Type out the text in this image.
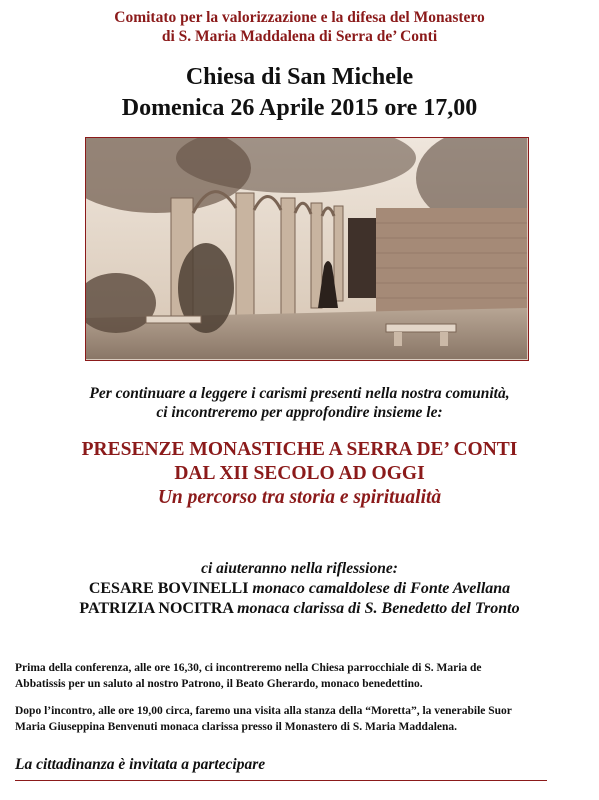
Comitato per la valorizzazione e la difesa del Monastero
di S. Maria Maddalena di Serra de’ Conti
Chiesa di San Michele
Domenica 26 Aprile 2015 ore 17,00
Per continuare a leggere i carismi presenti nella nostra comunità,
ci incontreremo per approfondire insieme le:
PRESENZE MONASTICHE A SERRA DE’ CONTI
DAL XII SECOLO AD OGGI
Un percorso tra storia e spiritualità
ci aiuteranno nella riflessione:
CESARE BOVINELLI monaco camaldolese di Fonte Avellana
PATRIZIA NOCITRA monaca clarissa di S. Benedetto del Tronto
Prima della conferenza, alle ore 16,30, ci incontreremo nella Chiesa parrocchiale di S. Maria de
Abbatissis per un saluto al nostro Patrono, il Beato Gherardo, monaco benedettino.
Dopo l’incontro, alle ore 19,00 circa, faremo una visita alla stanza della “Moretta”, la venerabile Suor
Maria Giuseppina Benvenuti monaca clarissa presso il Monastero di S. Maria Maddalena.
La cittadinanza è invitata a partecipare
